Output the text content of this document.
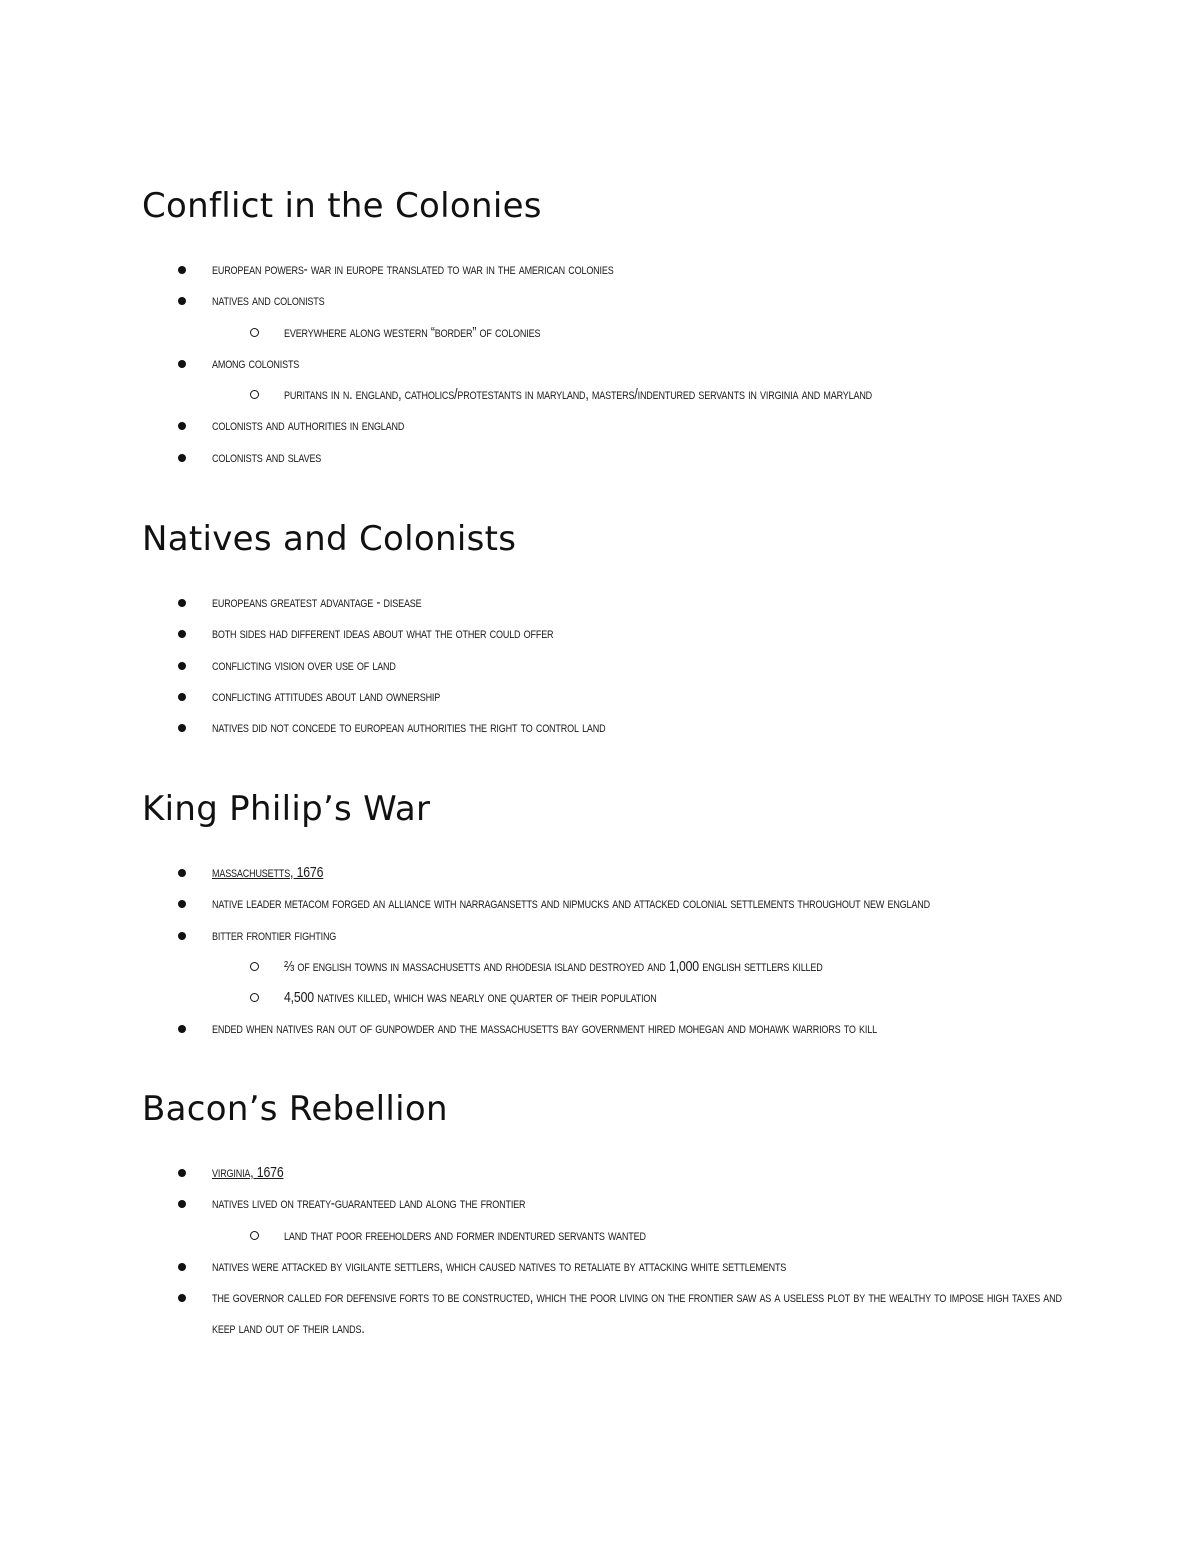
Conflict in the Colonies
european powers- war in europe translated to war in the american colonies
natives and colonists
everywhere along western “border” of colonies
among colonists
puritans in n. england, catholics/protestants in maryland, masters/indentured servants in virginia and maryland
colonists and authorities in england
colonists and slaves
Natives and Colonists
europeans greatest advantage - disease
both sides had different ideas about what the other could offer
conflicting vision over use of land
conflicting attitudes about land ownership
natives did not concede to european authorities the right to control land
King Philip’s War
massachusetts, 1676
native leader metacom forged an alliance with narragansetts and nipmucks and attacked colonial settlements throughout new england
bitter frontier fighting
⅔ of english towns in massachusetts and rhodesia island destroyed and 1,000 english settlers killed
4,500 natives killed, which was nearly one quarter of their population
ended when natives ran out of gunpowder and the massachusetts bay government hired mohegan and mohawk warriors to kill
Bacon’s Rebellion
virginia, 1676
natives lived on treaty-guaranteed land along the frontier
land that poor freeholders and former indentured servants wanted
natives were attacked by vigilante settlers, which caused natives to retaliate by attacking white settlements
the governor called for defensive forts to be constructed, which the poor living on the frontier saw as a useless plot by the wealthy to impose high taxes and keep land out of their lands.
